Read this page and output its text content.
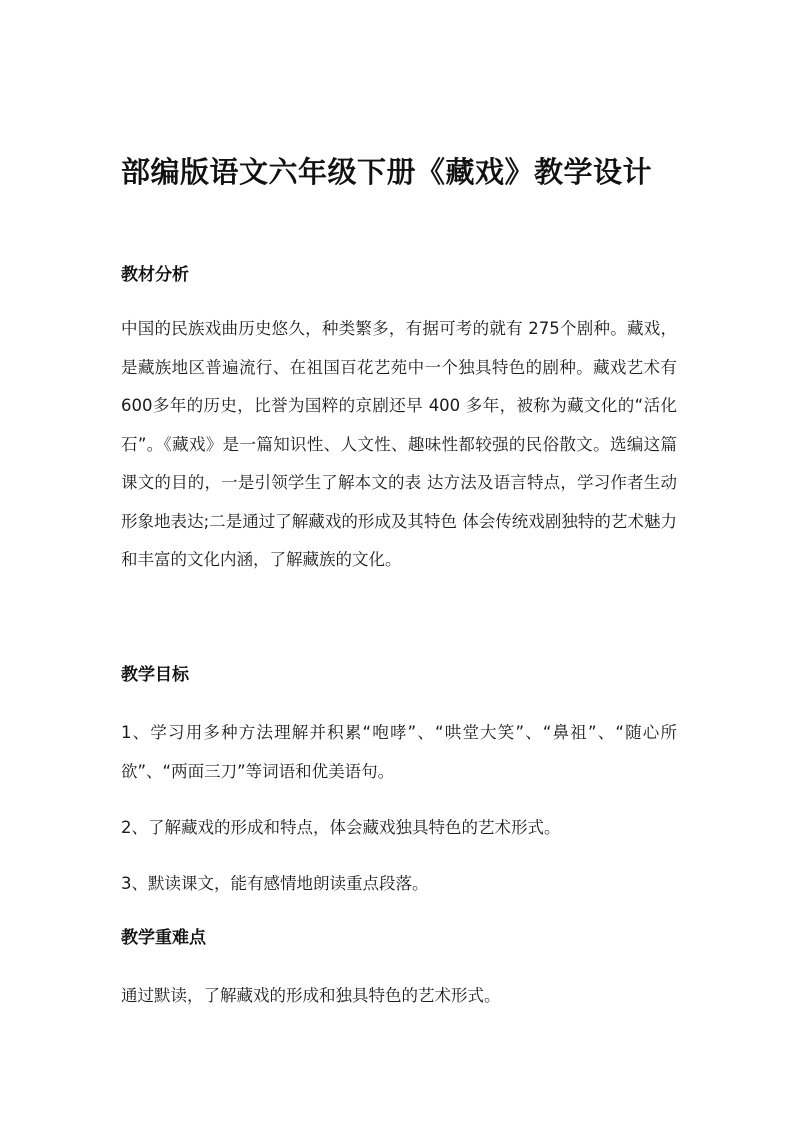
部编版语文六年级下册《藏戏》教学设计
教材分析

中国的民族戏曲历史悠久，种类繁多，有据可考的就有 275个剧种。藏戏，是藏族地区普遍流行、在祖国百花艺苑中一个独具特色的剧种。藏戏艺术有 600多年的历史，比誉为国粹的京剧还早 400 多年，被称为藏文化的“活化石”。《藏戏》是一篇知识性、人文性、趣味性都较强的民俗散文。选编这篇课文的目的，一是引领学生了解本文的表 达方法及语言特点，学习作者生动形象地表达;二是通过了解藏戏的形成及其特色 体会传统戏剧独特的艺术魅力和丰富的文化内涵，了解藏族的文化。

教学目标

1、学习用多种方法理解并积累“咆哮”、“哄堂大笑”、“鼻祖”、“随心所欲”、“两面三刀”等词语和优美语句。

2、了解藏戏的形成和特点，体会藏戏独具特色的艺术形式。

3、默读课文，能有感情地朗读重点段落。

教学重难点

通过默读，了解藏戏的形成和独具特色的艺术形式。
